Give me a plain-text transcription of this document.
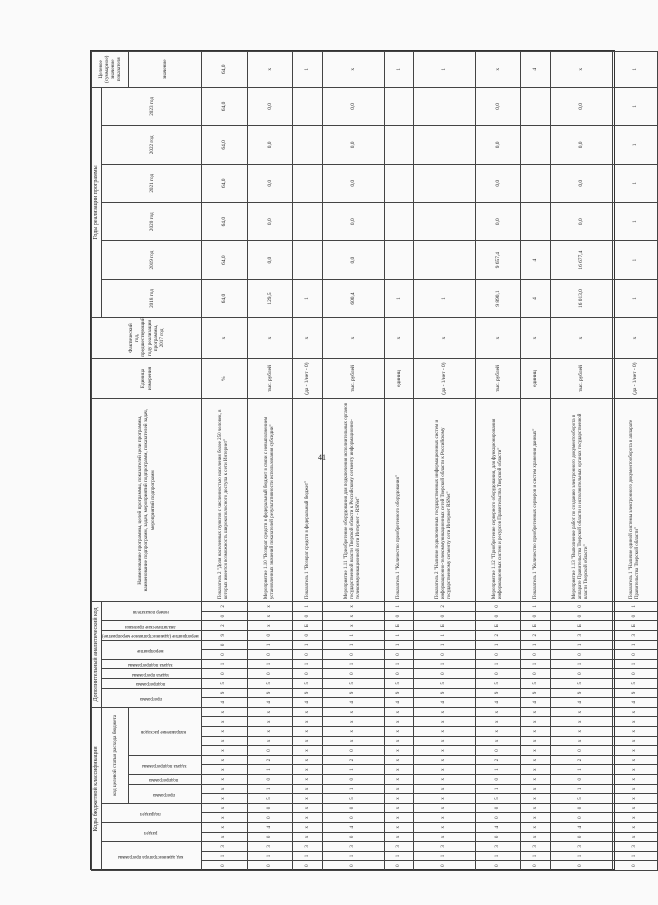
41
Коды бюджетной классификации																	Дополнительный аналитический код											Наименование программы, целей программы, показателей цели программы, наименование подпрограмм, задач, мероприятий подпрограмм, показателей задач, мероприятий подпрограмм	Единица измерения	Фактический год, предшествующий году реализации программы, 2017 год	Годы реализации программы						Целевое (суммарное) значение показателя
код администратора программы			раздел		подраздел		код целевой статьи расхода бюджета										программа		подпрограмма	задача программы	задача подпрограммы	мероприятие		мероприятие (административное мероприятие)	аналитические признаки	номер показателя					2018 год	2019 год	2020 год	2021 год	2022 год	2023 год	
							программа		подпрограмма	задача подпрограммы		направление расходов																									значение
0	1	3	х	х	х	х	х	х	х	х	х	х	х	х	х	х	4	9	5	0	1	0	0	9	2	0	2	Показатель 2 "Доля населенных пунктов с численностью населения более 250 человек, в которых имеется возможность широкополосного доступа к сети Интернет"	%	х	64,0	64,0	64,0	64,0	64,0	64,0	64,0
0	1	3	0	4	0	0	5	1	0	1	2	0	х	х	х	х	4	9	5	0	1	0	1	0	х	х	х	Мероприятие 1.10 "Возврат средств в федеральный бюджет в связи с невыполнением установленных значений показателей результативности использования субсидии"	тыс. рублей	х	129,5	0,0	0,0	0,0	0,0	0,0	х
0	1	3	х	х	х	х	х	х	х	х	х	х	х	х	х	х	4	9	5	0	1	0	1	0	Б	0	1	Показатель 1 "Возврат средств в федеральный бюджет"	(да - 1/нет - 0)	х	1						1
0	1	3	0	4	0	0	5	1	0	1	2	0	х	х	х	х	4	9	5	0	1	0	1	1	х	х	х	Мероприятие 1.11 "Приобретение оборудования для подключения исполнительных органов государственной власти Тверской области к Российскому сегменту информационно-телекоммуникационной сети Интернет - RSNet"	тыс. рублей	х	600,4	0,0	0,0	0,0	0,0	0,0	х
0	1	3	х	х	х	х	х	х	х	х	х	х	х	х	х	х	4	9	5	0	1	0	1	1	Б	0	1	Показатель 1 "Количество приобретенного оборудования"	единиц	х	1						1
0	1	3	х	х	х	х	х	х	х	х	х	х	х	х	х	х	4	9	5	0	1	0	1	1	Б	0	2	Показатель 2 "Наличие подключенных государственных информационных систем и информационно-телекоммуникационных сетей Тверской области к Российскому государственному сегменту сети Интернет RSNet"	(да - 1/нет - 0)	х	1						1
0	1	3	0	4	0	0	5	1	0	1	2	0	х	х	х	х	4	9	5	0	1	0	1	2	Б	0	0	Мероприятие 1.12 "Приобретение серверного оборудования, для функционирования информационных систем и ресурсов Правительства Тверской области"	тыс. рублей	х	9 890,1	9 657,4	0,0	0,0	0,0	0,0	х
0	1	3	х	х	х	х	х	х	х	х	х	х	х	х	х	х	4	9	5	0	1	0	1	2	Б	0	1	Показатель 1 "Количество приобретенных серверов и систем хранения данных"	единиц	х	4	4					4
0	1	3	0	4	0	0	5	1	0	1	2	0	х	х	х	х	4	9	5	0	1	0	1	3	Б	0	0	Мероприятие 1.13 "Выполнение работ по созданию электронного документооборота в аппарате Правительства Тверской области и исполнительных органах государственной власти Тверской области"	тыс. рублей	х	16 013,0	16 677,4	0,0	0,0	0,0	0,0	х
0	1	3	х	х	х	х	х	х	х	х	х	х	х	х	х	х	4	9	5	0	1	0	1	3	Б	0	1	Показатель 1 "Наличие единой системы электронного документооборота в аппарате Правительства Тверской области"	(да - 1/нет - 0)	х	1	1	1	1	1	1	1
